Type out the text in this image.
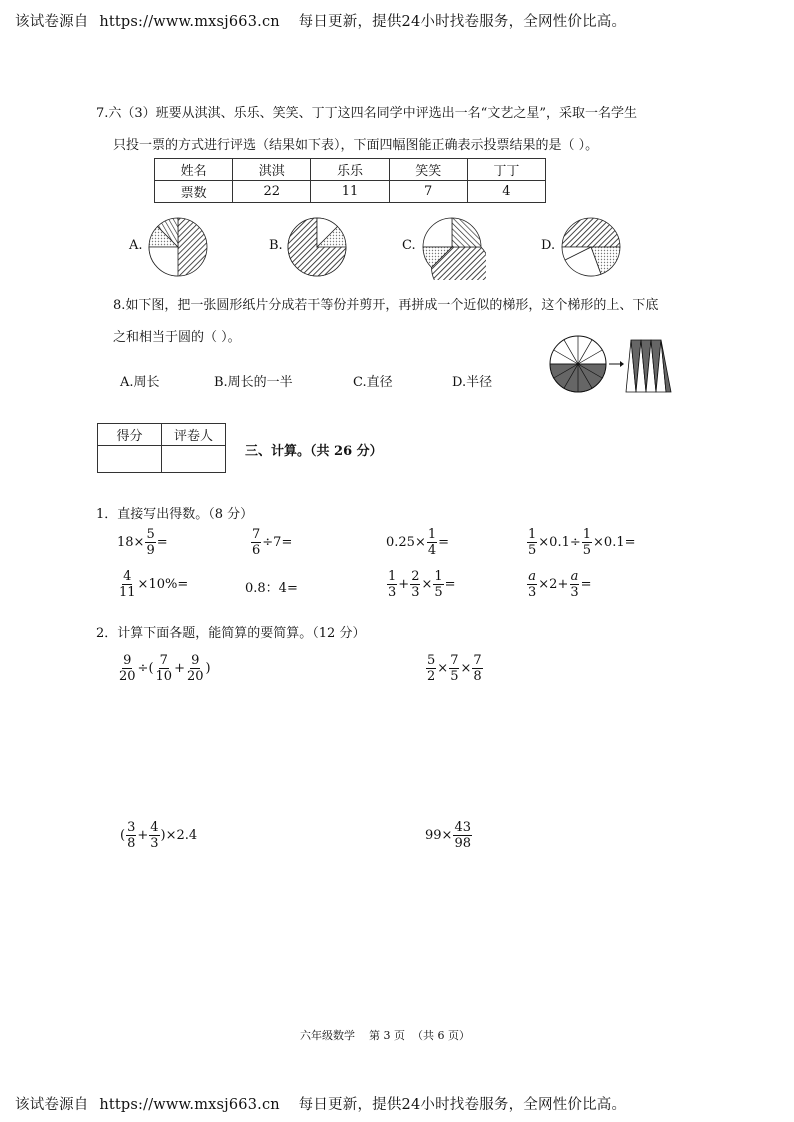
该试卷源自 https://www.mxsj663.cn 每日更新，提供24小时找卷服务，全网性价比高。
7.六（3）班要从淇淇、乐乐、笑笑、丁丁这四名同学中评选出一名“文艺之星”，采取一名学生
只投一票的方式进行评选（结果如下表），下面四幅图能正确表示投票结果的是（ ）。
姓名	淇淇	乐乐	笑笑	丁丁
票数	22	11	7	4
A.	B.	C.	D.
8.如下图，把一张圆形纸片分成若干等份并剪开，再拼成一个近似的梯形，这个梯形的上、下底
之和相当于圆的（ ）。
A.周长	B.周长的一半	C.直径	D.半径
得分	评卷人

三、计算。（共 26 分）
1．直接写出得数。（8 分）
$18\times \frac{5}{9}$ =	$\frac{7}{6} \div 7=$	$0.25\times \frac{1}{4}$ =	$\frac{1}{5} \times 0.1\div \frac{1}{5} \times 0.1=$
$\frac{4}{11} \times 10\%=$	0.8：4=	$\frac{1}{3} + \frac{2}{3} \times \frac{1}{5}$ =	$\frac{a}{3} \times 2+ \frac{a}{3}$ =
2．计算下面各题，能简算的要简算。（12 分）
$\frac{9}{20}$ ÷( $\frac{7}{10} + \frac{9}{20}$ )	$\frac{5}{2} \times \frac{7}{5} \times \frac{7}{8}$
( $\frac{3}{8} + \frac{4}{3} )\times 2.4$	$99\times \frac{43}{98}$
六年级数学    第 3 页  （共 6 页）
该试卷源自 https://www.mxsj663.cn 每日更新，提供24小时找卷服务，全网性价比高。
